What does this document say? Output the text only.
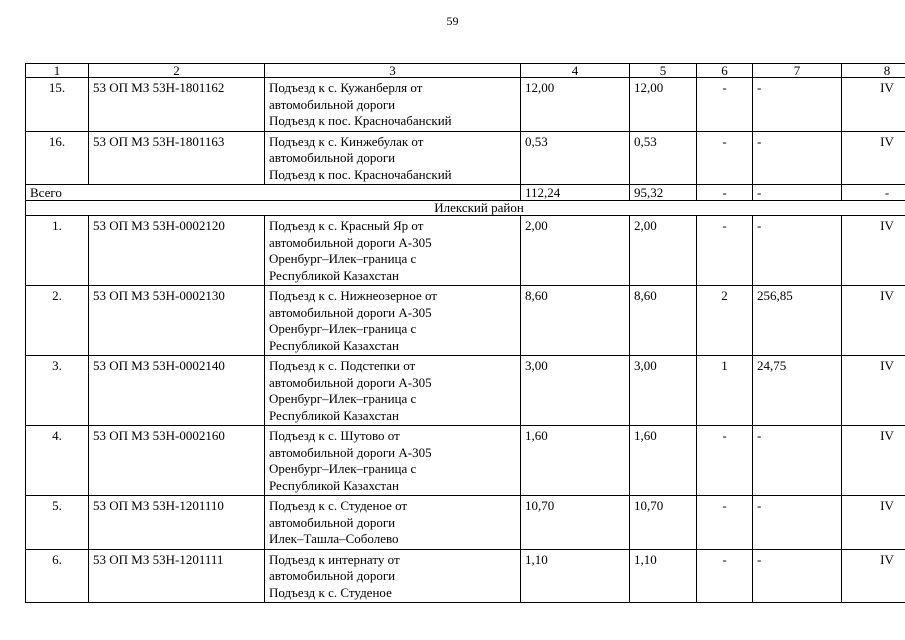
59
1	2	3	4	5	6	7	8
15.	53 ОП МЗ 53Н-1801162	Подъезд к с. Кужанберля от
автомобильной дороги
Подъезд к пос. Красночабанский	12,00	12,00	-	-	IV
16.	53 ОП МЗ 53Н-1801163	Подъезд к с. Кинжебулак от
автомобильной дороги
Подъезд к пос. Красночабанский	0,53	0,53	-	-	IV
Всего			112,24	95,32	-	-	-
Илекский район							
1.	53 ОП МЗ 53Н-0002120	Подъезд к с. Красный Яр от
автомобильной дороги А-305
Оренбург–Илек–граница с
Республикой Казахстан	2,00	2,00	-	-	IV
2.	53 ОП МЗ 53Н-0002130	Подъезд к с. Нижнеозерное от
автомобильной дороги А-305
Оренбург–Илек–граница с
Республикой Казахстан	8,60	8,60	2	256,85	IV
3.	53 ОП МЗ 53Н-0002140	Подъезд к с. Подстепки от
автомобильной дороги А-305
Оренбург–Илек–граница с
Республикой Казахстан	3,00	3,00	1	24,75	IV
4.	53 ОП МЗ 53Н-0002160	Подъезд к с. Шутово от
автомобильной дороги А-305
Оренбург–Илек–граница с
Республикой Казахстан	1,60	1,60	-	-	IV
5.	53 ОП МЗ 53Н-1201110	Подъезд к с. Студеное от
автомобильной дороги
Илек–Ташла–Соболево	10,70	10,70	-	-	IV
6.	53 ОП МЗ 53Н-1201111	Подъезд к интернату от
автомобильной дороги
Подъезд к с. Студеное	1,10	1,10	-	-	IV
